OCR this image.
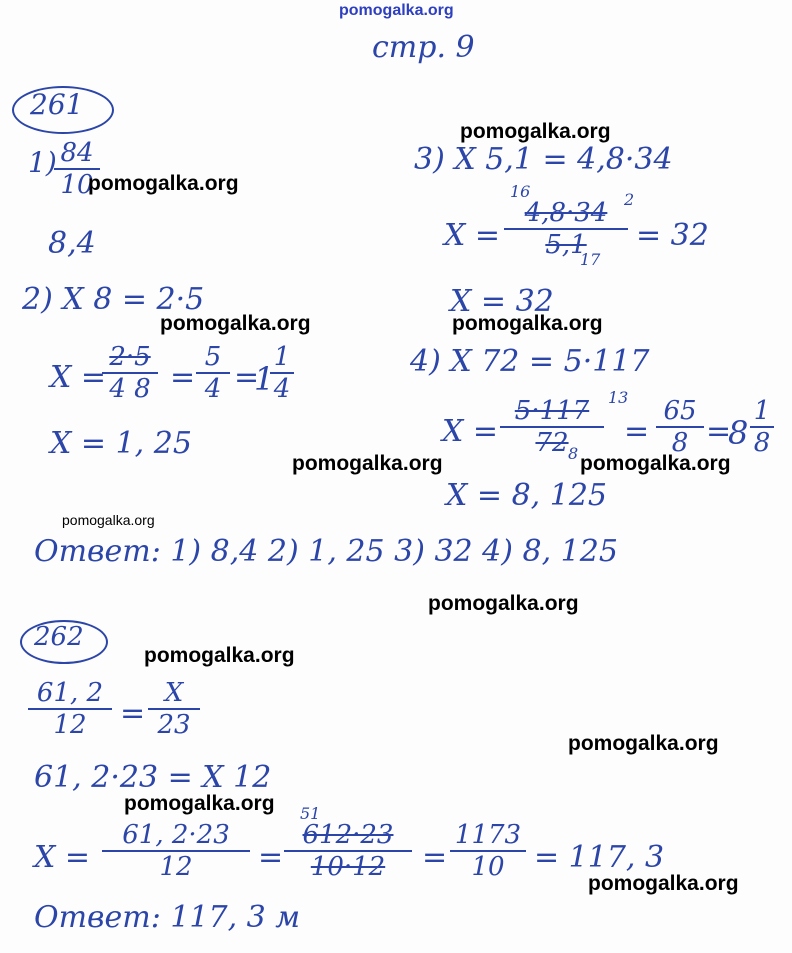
pomogalka.org
стр. 9
261
1)
$\frac{84}{10}$
8,4
2) X 8 = 2·5
X =
$\frac{2\cdot 5}{4 8} = \frac{5}{4}$ =
1
$\frac{1}{4}$
X = 1, 25
3) X 5,1 = 4,8·34
X =
16	2
$\frac{4,8\cdot 34}{5,1}$
17
= 32
X = 32
4) X 72 = 5·117
X =
13
$\frac{5\cdot 117}{72}$
8
= $\frac{65}{8}$ =
$8 \frac{1}{8}$
X = 8, 125
Ответ: 1) 8,4 2) 1, 25 3) 32 4) 8, 125
262
$\frac{61, 2}{12} = \frac{X}{23}$
61, 2·23 = X 12
51
$X = \frac{61, 2\cdot 23}{12} = \frac{612\cdot 23}{10\cdot 12} = \frac{1173}{10} = 117$, 3
Ответ: 117, 3 м
pomogalka.org
pomogalka.org
pomogalka.org	pomogalka.org
pomogalka.org	pomogalka.org
pomogalka.org
pomogalka.org
pomogalka.org
pomogalka.org
pomogalka.org
pomogalka.org
